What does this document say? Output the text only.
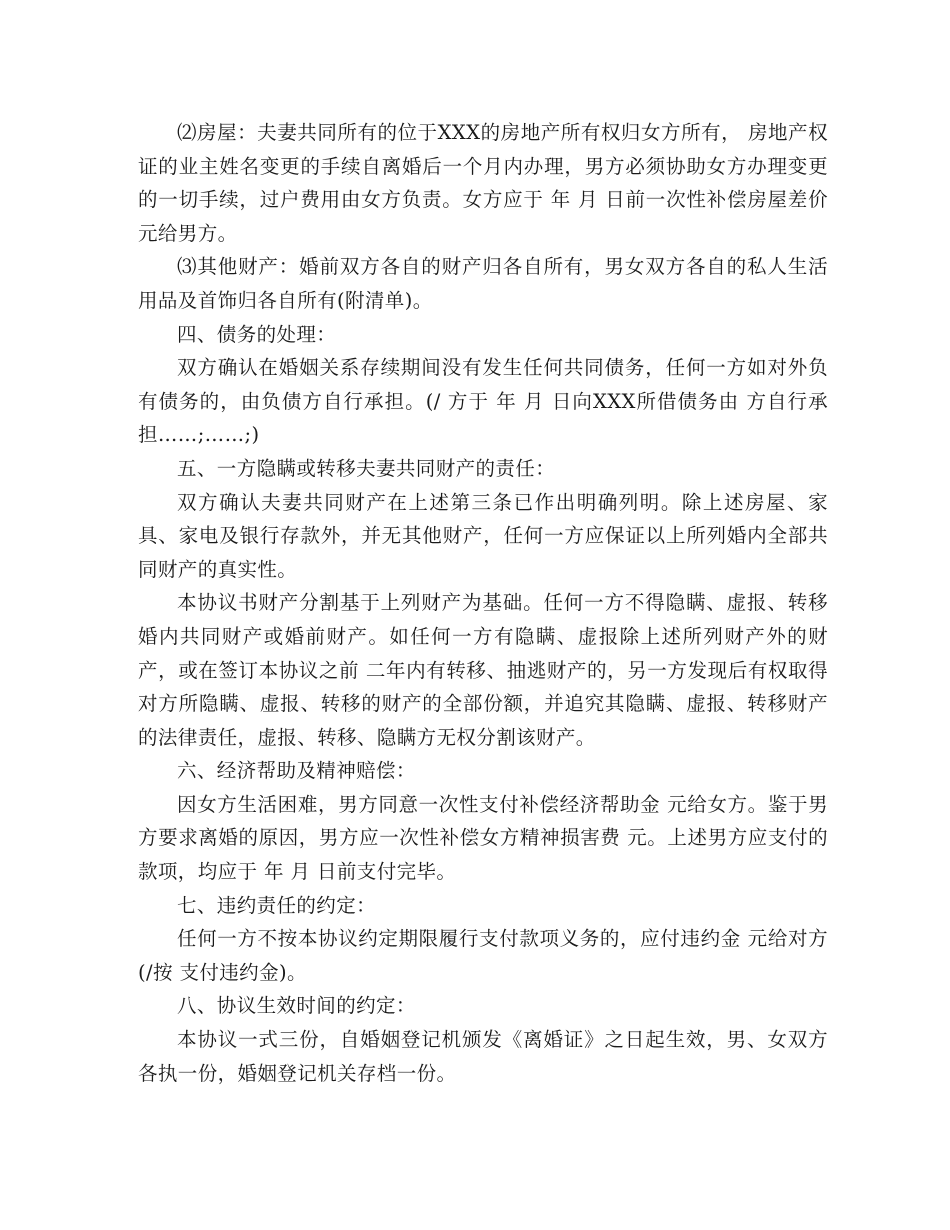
⑵房屋：夫妻共同所有的位于XXX的房地产所有权归女方所有， 房地产权证的业主姓名变更的手续自离婚后一个月内办理，男方必须协助女方办理变更的一切手续，过户费用由女方负责。女方应于 年 月 日前一次性补偿房屋差价 元给男方。

⑶其他财产：婚前双方各自的财产归各自所有，男女双方各自的私人生活用品及首饰归各自所有(附清单)。

四、债务的处理：

双方确认在婚姻关系存续期间没有发生任何共同债务，任何一方如对外负有债务的，由负债方自行承担。(/ 方于 年 月 日向XXX所借债务由 方自行承担……;……;)

五、一方隐瞒或转移夫妻共同财产的责任：

双方确认夫妻共同财产在上述第三条已作出明确列明。除上述房屋、家具、家电及银行存款外，并无其他财产，任何一方应保证以上所列婚内全部共同财产的真实性。

本协议书财产分割基于上列财产为基础。任何一方不得隐瞒、虚报、转移婚内共同财产或婚前财产。如任何一方有隐瞒、虚报除上述所列财产外的财产，或在签订本协议之前 二年内有转移、抽逃财产的，另一方发现后有权取得对方所隐瞒、虚报、转移的财产的全部份额，并追究其隐瞒、虚报、转移财产的法律责任，虚报、转移、隐瞒方无权分割该财产。

六、经济帮助及精神赔偿：

因女方生活困难，男方同意一次性支付补偿经济帮助金 元给女方。鉴于男方要求离婚的原因，男方应一次性补偿女方精神损害费 元。上述男方应支付的款项，均应于 年 月 日前支付完毕。

七、违约责任的约定：

任何一方不按本协议约定期限履行支付款项义务的，应付违约金 元给对方(/按 支付违约金)。

八、协议生效时间的约定：

本协议一式三份，自婚姻登记机颁发《离婚证》之日起生效，男、女双方各执一份，婚姻登记机关存档一份。
